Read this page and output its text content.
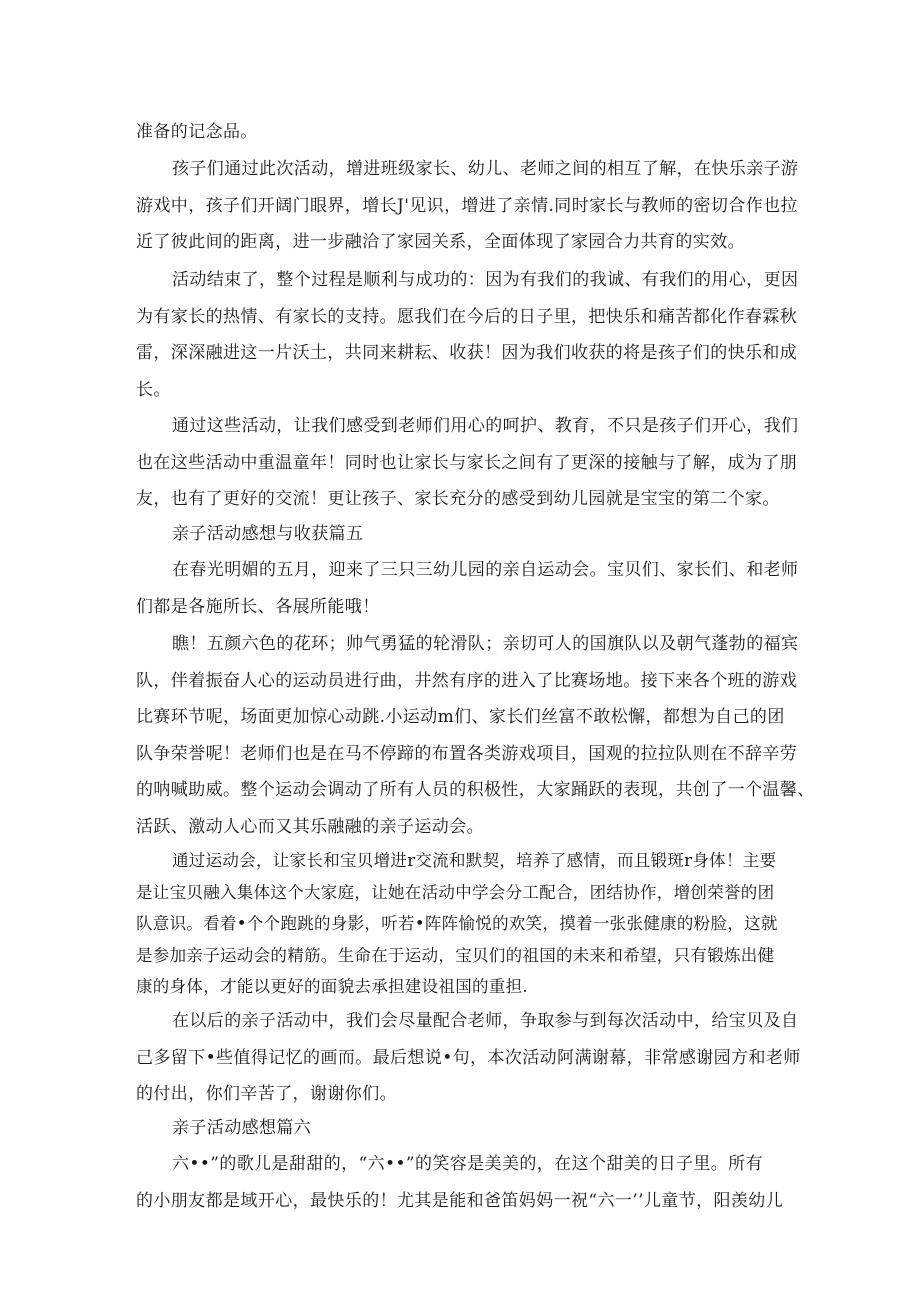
准备的记念品。
孩子们通过此次活动，增进班级家长、幼儿、老师之间的相互了解，在快乐亲子游
游戏中，孩子们开阔门眼界，增长J'见识，增进了亲情.同时家长与教师的密切合作也拉
近了彼此间的距离，进一步融洽了家园关系，全面体现了家园合力共育的实效。
活动结束了，整个过程是顺利与成功的：因为有我们的我诚、有我们的用心，更因
为有家长的热情、有家长的支持。愿我们在今后的日子里，把快乐和痛苦都化作春霖秋
雷，深深融进这一片沃土，共同来耕耘、收获！因为我们收获的将是孩子们的快乐和成
长。
通过这些活动，让我们感受到老师们用心的呵护、教育，不只是孩子们开心，我们
也在这些活动中重温童年！同时也让家长与家长之间有了更深的接触与了解，成为了朋
友，也有了更好的交流！更让孩子、家长充分的感受到幼儿园就是宝宝的第二个家。
亲子活动感想与收获篇五
在春光明媚的五月，迎来了三只三幼儿园的亲自运动会。宝贝们、家长们、和老师
们都是各施所长、各展所能哦！
瞧！五颜六色的花环；帅气勇猛的轮滑队；亲切可人的国旗队以及朝气蓬勃的福宾
队，伴着振奋人心的运动员进行曲，井然有序的进入了比赛场地。接下来各个班的游戏
比赛环节呢，场面更加惊心动跳.小运动m们、家长们丝富不敢松懈，都想为自己的团
队争荣誉呢！老师们也是在马不停蹄的布置各类游戏项目，国观的拉拉队则在不辞辛劳
的呐喊助威。整个运动会调动了所有人员的积极性，大家踊跃的表现，共创了一个温馨、
活跃、激动人心而又其乐融融的亲子运动会。
通过运动会，让家长和宝贝增进r交流和默契，培养了感情，而且锻斑r身体！主要
是让宝贝融入集体这个大家庭，让她在活动中学会分工配合，团结协作，增创荣誉的团
队意识。看着•个个跑跳的身影，听若•阵阵愉悦的欢笑，摸着一张张健康的粉脸，这就
是参加亲子运动会的精筋。生命在于运动，宝贝们的祖国的未来和希望，只有锻炼出健
康的身体，才能以更好的面貌去承担建设祖国的重担.
在以后的亲子活动中，我们会尽量配合老师，争取参与到每次活动中，给宝贝及自
己多留下•些值得记忆的画而。最后想说•句，本次活动阿满谢幕，非常感谢园方和老师
的付出，你们辛苦了，谢谢你们。
亲子活动感想篇六
六••”的歌儿是甜甜的，“六••”的笑容是美美的，在这个甜美的日子里。所有
的小朋友都是域开心，最快乐的！尤其是能和爸笛妈妈一祝“六一’’儿童节，阳羡幼儿
